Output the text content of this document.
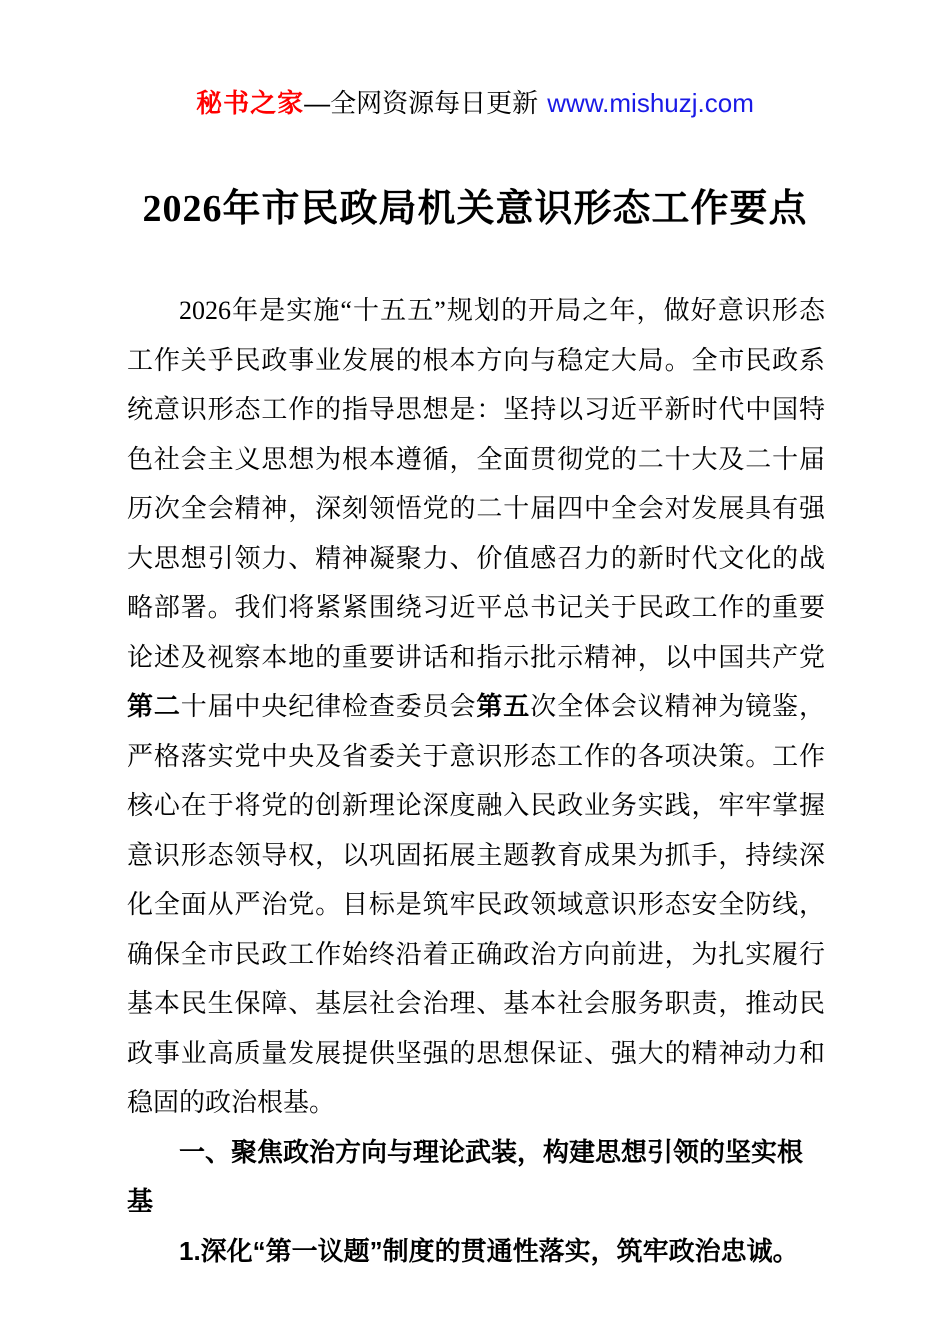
秘书之家—全网资源每日更新 www.mishuzj.com
2026年市民政局机关意识形态工作要点

2026年是实施“十五五”规划的开局之年，做好意识形态工作关乎民政事业发展的根本方向与稳定大局。全市民政系统意识形态工作的指导思想是：坚持以习近平新时代中国特色社会主义思想为根本遵循，全面贯彻党的二十大及二十届历次全会精神，深刻领悟党的二十届四中全会对发展具有强大思想引领力、精神凝聚力、价值感召力的新时代文化的战略部署。我们将紧紧围绕习近平总书记关于民政工作的重要论述及视察本地的重要讲话和指示批示精神，以中国共产党第二十届中央纪律检查委员会第五次全体会议精神为镜鉴，严格落实党中央及省委关于意识形态工作的各项决策。工作核心在于将党的创新理论深度融入民政业务实践，牢牢掌握意识形态领导权，以巩固拓展主题教育成果为抓手，持续深化全面从严治党。目标是筑牢民政领域意识形态安全防线，确保全市民政工作始终沿着正确政治方向前进，为扎实履行基本民生保障、基层社会治理、基本社会服务职责，推动民政事业高质量发展提供坚强的思想保证、强大的精神动力和稳固的政治根基。

一、聚焦政治方向与理论武装，构建思想引领的坚实根基

1.深化“第一议题”制度的贯通性落实，筑牢政治忠诚。
